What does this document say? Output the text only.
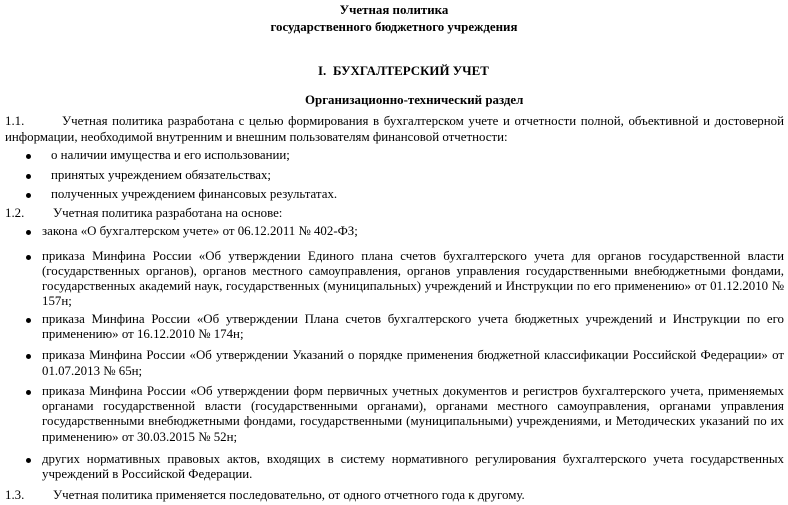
Учетная политика
государственного бюджетного учреждения
I. БУХГАЛТЕРСКИЙ УЧЕТ
Организационно-технический раздел
1.1.	Учетная политика разработана с целью формирования в бухгалтерском учете и отчетности полной, объективной и достоверной
информации, необходимой внутренним и внешним пользователям финансовой отчетности:
о наличии имущества и его использовании;
принятых учреждением обязательствах;
полученных учреждением финансовых результатах.
1.2. Учетная политика разработана на основе:
закона «О бухгалтерском учете» от 06.12.2011 № 402-ФЗ;
приказа Минфина России «Об утверждении Единого плана счетов бухгалтерского учета для органов государственной власти
(государственных органов), органов местного самоуправления, органов управления государственными внебюджетными фондами,
государственных академий наук, государственных (муниципальных) учреждений и Инструкции по его применению» от 01.12.2010 №
157н;
приказа Минфина России «Об утверждении Плана счетов бухгалтерского учета бюджетных учреждений и Инструкции по его
применению» от 16.12.2010 № 174н;
приказа Минфина России «Об утверждении Указаний о порядке применения бюджетной классификации Российской Федерации» от
01.07.2013 № 65н;
приказа Минфина России «Об утверждении форм первичных учетных документов и регистров бухгалтерского учета, применяемых
органами государственной власти (государственными органами), органами местного самоуправления, органами управления
государственными внебюджетными фондами, государственными (муниципальными) учреждениями, и Методических указаний по их
применению» от 30.03.2015 № 52н;
других нормативных правовых актов, входящих в систему нормативного регулирования бухгалтерского учета государственных
учреждений в Российской Федерации.
1.3. Учетная политика применяется последовательно, от одного отчетного года к другому.
